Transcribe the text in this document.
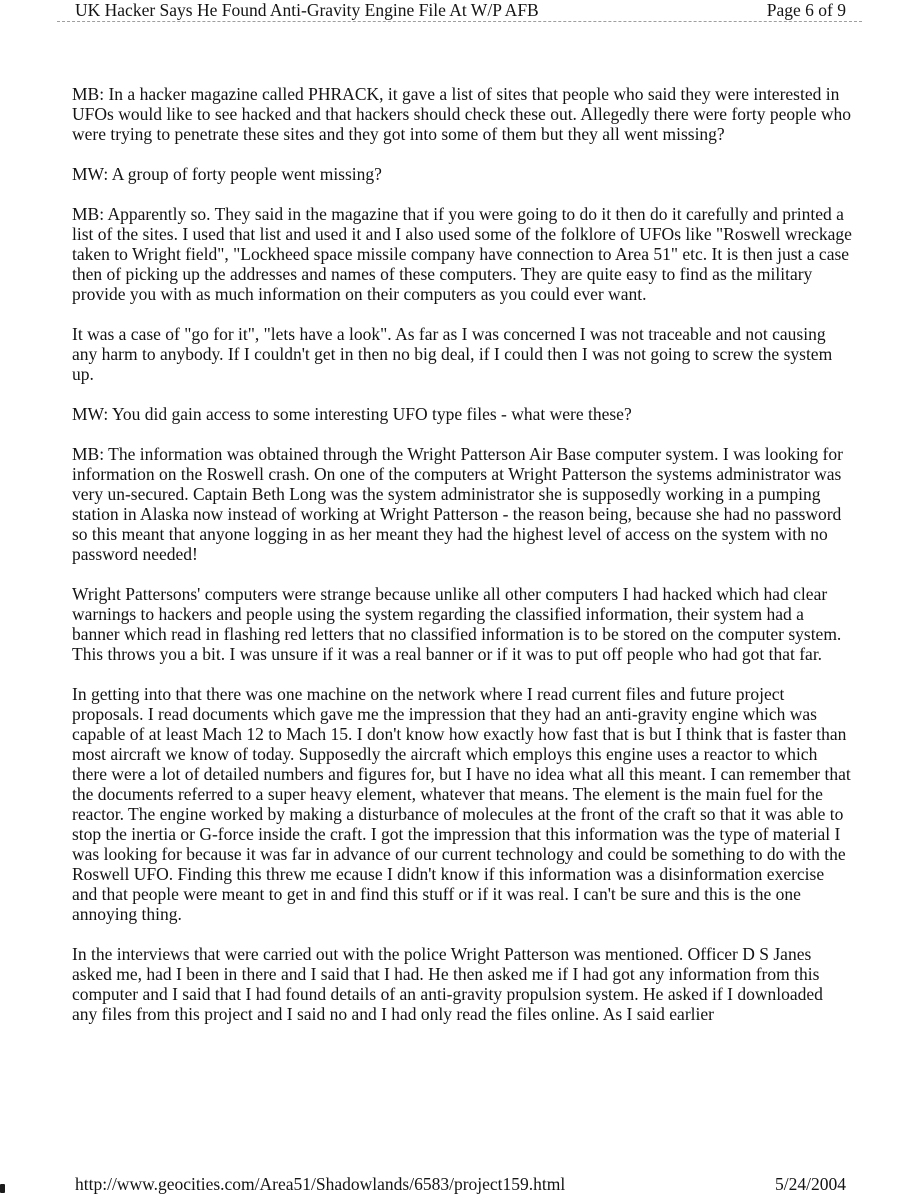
UK Hacker Says He Found Anti-Gravity Engine File At W/P AFB	Page 6 of 9

MB: In a hacker magazine called PHRACK, it gave a list of sites that people who said they were interested in UFOs would like to see hacked and that hackers should check these out. Allegedly there were forty people who were trying to penetrate these sites and they got into some of them but they all went missing?

MW: A group of forty people went missing?

MB: Apparently so. They said in the magazine that if you were going to do it then do it carefully and printed a list of the sites. I used that list and used it and I also used some of the folklore of UFOs like "Roswell wreckage taken to Wright field", "Lockheed space missile company have connection to Area 51" etc. It is then just a case then of picking up the addresses and names of these computers. They are quite easy to find as the military provide you with as much information on their computers as you could ever want.

It was a case of "go for it", "lets have a look". As far as I was concerned I was not traceable and not causing any harm to anybody. If I couldn't get in then no big deal, if I could then I was not going to screw the system up.

MW: You did gain access to some interesting UFO type files - what were these?

MB: The information was obtained through the Wright Patterson Air Base computer system. I was looking for information on the Roswell crash. On one of the computers at Wright Patterson the systems administrator was very un-secured. Captain Beth Long was the system administrator she is supposedly working in a pumping station in Alaska now instead of working at Wright Patterson - the reason being, because she had no password so this meant that anyone logging in as her meant they had the highest level of access on the system with no password needed!

Wright Pattersons' computers were strange because unlike all other computers I had hacked which had clear warnings to hackers and people using the system regarding the classified information, their system had a banner which read in flashing red letters that no classified information is to be stored on the computer system. This throws you a bit. I was unsure if it was a real banner or if it was to put off people who had got that far.

In getting into that there was one machine on the network where I read current files and future project proposals. I read documents which gave me the impression that they had an anti-gravity engine which was capable of at least Mach 12 to Mach 15. I don't know how exactly how fast that is but I think that is faster than most aircraft we know of today. Supposedly the aircraft which employs this engine uses a reactor to which there were a lot of detailed numbers and figures for, but I have no idea what all this meant. I can remember that the documents referred to a super heavy element, whatever that means. The element is the main fuel for the reactor. The engine worked by making a disturbance of molecules at the front of the craft so that it was able to stop the inertia or G-force inside the craft. I got the impression that this information was the type of material I was looking for because it was far in advance of our current technology and could be something to do with the Roswell UFO. Finding this threw me ecause I didn't know if this information was a disinformation exercise and that people were meant to get in and find this stuff or if it was real. I can't be sure and this is the one annoying thing.

In the interviews that were carried out with the police Wright Patterson was mentioned. Officer D S Janes asked me, had I been in there and I said that I had. He then asked me if I had got any information from this computer and I said that I had found details of an anti-gravity propulsion system. He asked if I downloaded any files from this project and I said no and I had only read the files online. As I said earlier

http://www.geocities.com/Area51/Shadowlands/6583/project159.html	5/24/2004
